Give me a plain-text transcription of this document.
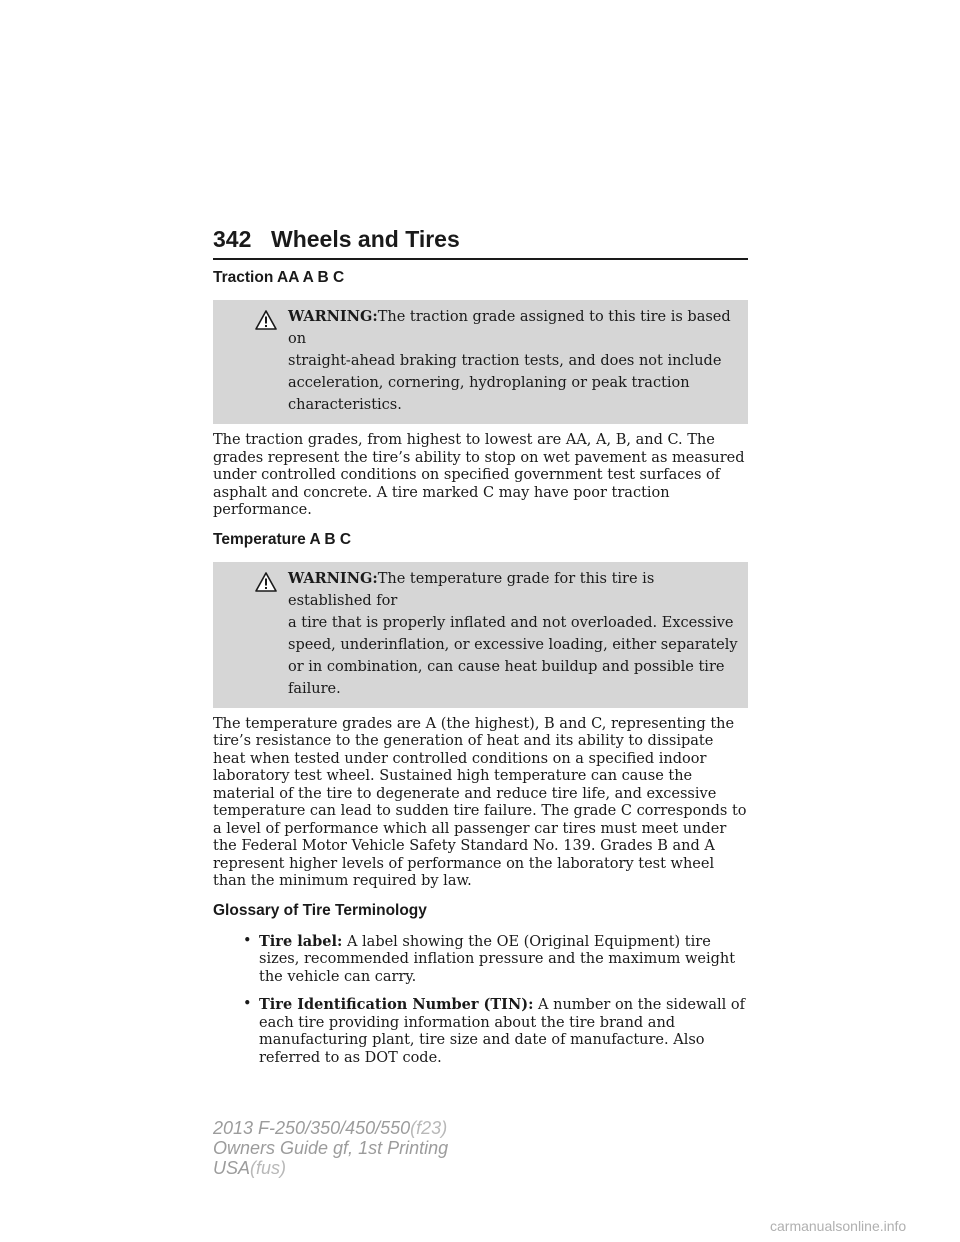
342 Wheels and Tires
Traction AA A B C
WARNING:The traction grade assigned to this tire is based on
straight-ahead braking traction tests, and does not include acceleration, cornering, hydroplaning or peak traction characteristics.

The traction grades, from highest to lowest are AA, A, B, and C. The grades represent the tire’s ability to stop on wet pavement as measured under controlled conditions on specified government test surfaces of asphalt and concrete. A tire marked C may have poor traction performance.

Temperature A B C
WARNING:The temperature grade for this tire is established for
a tire that is properly inflated and not overloaded. Excessive speed, underinflation, or excessive loading, either separately or in combination, can cause heat buildup and possible tire failure.

The temperature grades are A (the highest), B and C, representing the tire’s resistance to the generation of heat and its ability to dissipate heat when tested under controlled conditions on a specified indoor laboratory test wheel. Sustained high temperature can cause the material of the tire to degenerate and reduce tire life, and excessive temperature can lead to sudden tire failure. The grade C corresponds to a level of performance which all passenger car tires must meet under the Federal Motor Vehicle Safety Standard No. 139. Grades B and A represent higher levels of performance on the laboratory test wheel than the minimum required by law.

Glossary of Tire Terminology
• Tire label: A label showing the OE (Original Equipment) tire sizes, recommended inflation pressure and the maximum weight the vehicle can carry.
• Tire Identification Number (TIN): A number on the sidewall of each tire providing information about the tire brand and manufacturing plant, tire size and date of manufacture. Also referred to as DOT code.
2013 F-250/350/450/550(f23)
Owners Guide gf, 1st Printing
USA(fus)
carmanualsonline.info
